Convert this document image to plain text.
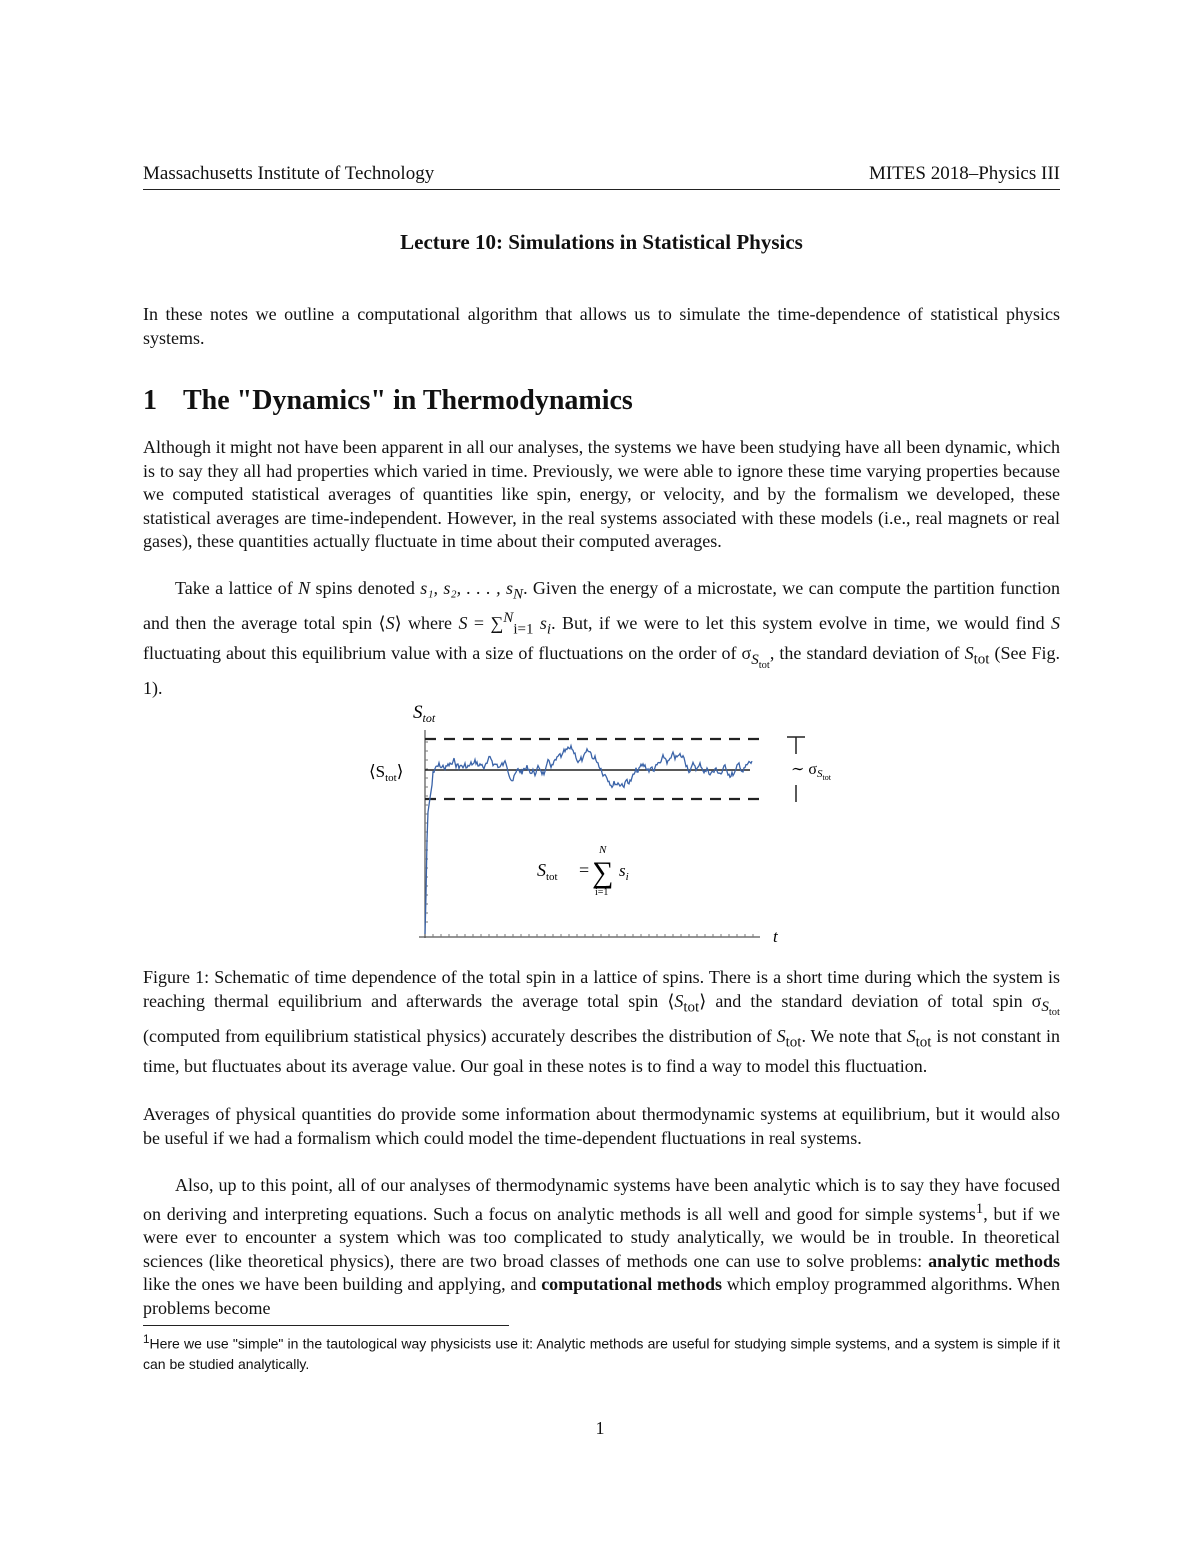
Massachusetts Institute of Technology	MITES 2018–Physics III
Lecture 10: Simulations in Statistical Physics
In these notes we outline a computational algorithm that allows us to simulate the time-dependence of statistical physics systems.
1 The "Dynamics" in Thermodynamics
Although it might not have been apparent in all our analyses, the systems we have been studying have all been dynamic, which is to say they all had properties which varied in time. Previously, we were able to ignore these time varying properties because we computed statistical averages of quantities like spin, energy, or velocity, and by the formalism we developed, these statistical averages are time-independent. However, in the real systems associated with these models (i.e., real magnets or real gases), these quantities actually fluctuate in time about their computed averages.
Take a lattice of N spins denoted s₁, s₂, . . . , $s_N$. Given the energy of a microstate, we can compute the partition function and then the average total spin ⟨S⟩ where S = ∑$^N_{i=1}$ $s_i$. But, if we were to let this system evolve in time, we would find S fluctuating about this equilibrium value with a size of fluctuations on the order of $\sigma_{S_{tot}}$, the standard deviation of $S_{tot}$ (See Fig. 1).
$S_{tot}$
$⟨S_{tot}⟩$	∼ σStot
t
$S_{tot}$ = ∑
N
i=1
$s_i$
Figure 1: Schematic of time dependence of the total spin in a lattice of spins. There is a short time during which the system is reaching thermal equilibrium and afterwards the average total spin $⟨S_{tot}⟩$ and the standard deviation of total spin $\sigma_{S_{tot}}$ (computed from equilibrium statistical physics) accurately describes the distribution of $S_{tot}$. We note that $S_{tot}$ is not constant in time, but fluctuates about its average value. Our goal in these notes is to find a way to model this fluctuation.
Averages of physical quantities do provide some information about thermodynamic systems at equilibrium, but it would also be useful if we had a formalism which could model the time-dependent fluctuations in real systems.
Also, up to this point, all of our analyses of thermodynamic systems have been analytic which is to say they have focused on deriving and interpreting equations. Such a focus on analytic methods is all well and good for simple systems$^1$, but if we were ever to encounter a system which was too complicated to study analytically, we would be in trouble. In theoretical sciences (like theoretical physics), there are two broad classes of methods one can use to solve problems: analytic methods like the ones we have been building and applying, and computational methods which employ programmed algorithms. When problems become
$^1$Here we use "simple" in the tautological way physicists use it: Analytic methods are useful for studying simple systems, and a system is simple if it can be studied analytically.
1
